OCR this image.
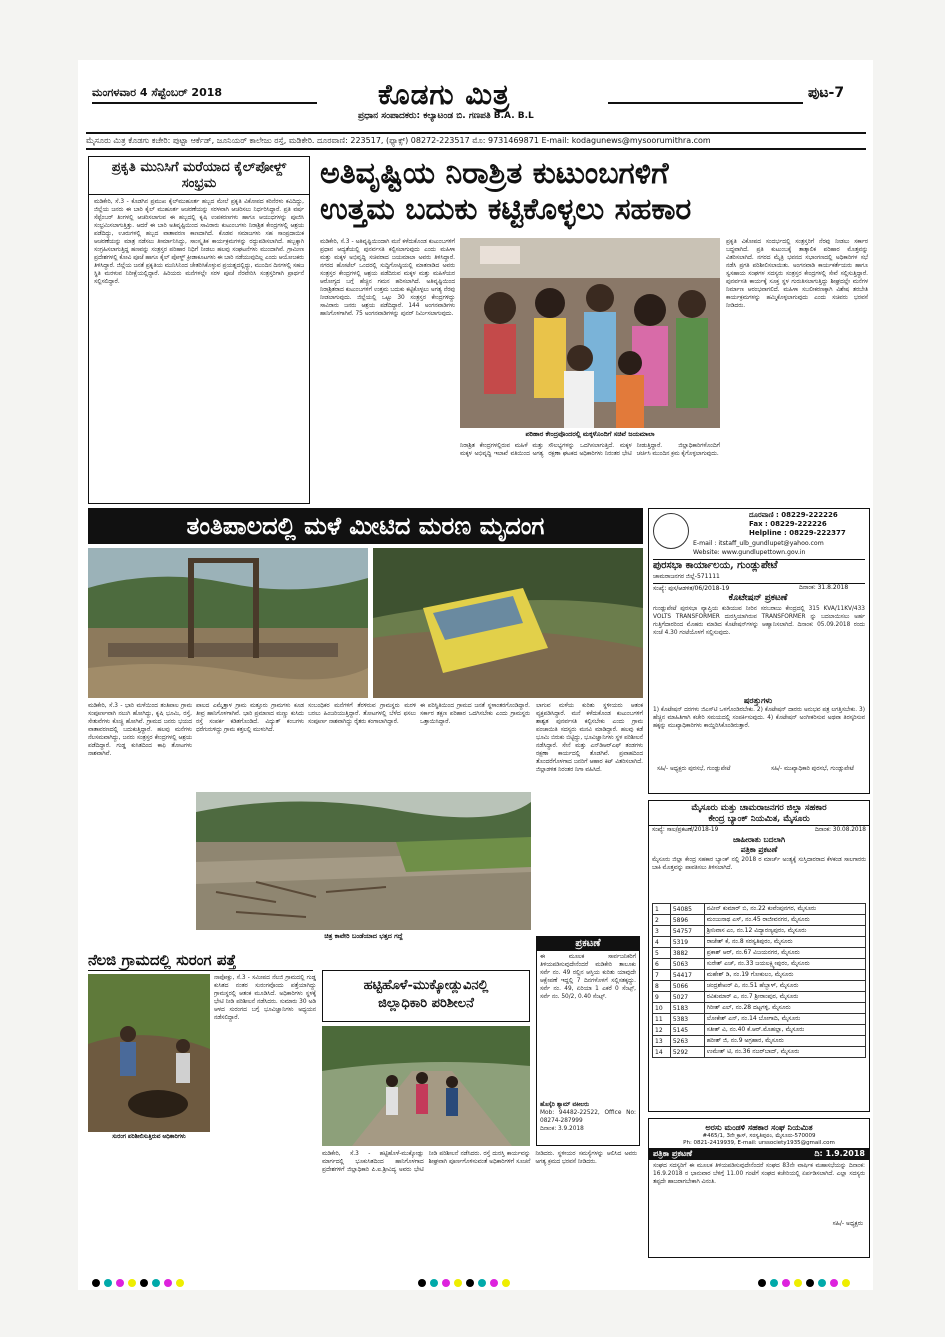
ಮಂಗಳವಾರ 4 ಸೆಪ್ಟೆಂಬರ್ 2018	ಕೊಡಗು ಮಿತ್ರ
ಪ್ರಧಾನ ಸಂಪಾದಕರು: ಕಲ್ಯಾಟಂಡ ಬಿ. ಗಣಪತಿ B.A. B.L
ಪುಟ-7
ಮೈಸೂರು ಮಿತ್ರ ಕೊಡಗು ಕಚೇರಿ: ಪುಟ್ಟಾ ಆರ್ಕೆಡ್, ಜೂನಿಯರ್ ಕಾಲೇಜು ರಸ್ತೆ, ಮಡಿಕೇರಿ. ದೂರವಾಣಿ: 223517, (ಫ್ಯಾಕ್ಸ್) 08272-223517 ಮೊ: 9731469871 E-mail: kodagunews@mysoorumithra.com
ಪ್ರಕೃತಿ ಮುನಿಸಿಗೆ ಮರೆಯಾದ ಕೈಲ್‌ಪೋಳ್ದ್ ಸಂಭ್ರಮ
ಮಡಿಕೇರಿ, ಸೆ.3 - ಕೊಡಗಿನ ಪ್ರಮುಖ ಕೈಲ್‌ಮುಹೂರ್ತ ಹಬ್ಬದ ಮೇಲೆ ಪ್ರಕೃತಿ ವಿಕೋಪದ ಕರಿನೆರಳು ಕವಿದಿದ್ದು, ಜಿಲ್ಲೆಯ ಜನರು ಈ ಬಾರಿ ಕೈಲ್ ಮುಹೂರ್ತ ಆಚರಣೆಯನ್ನು ಸರಳವಾಗಿ ಆಚರಿಸಲು ನಿರ್ಧರಿಸಿದ್ದಾರೆ. ಪ್ರತಿ ವರ್ಷ ಸೆಪ್ಟೆಂಬರ್ ತಿಂಗಳಲ್ಲಿ ಆಚರಿಸಲಾಗುವ ಈ ಹಬ್ಬದಲ್ಲಿ ಕೃಷಿ ಉಪಕರಣಗಳು ಹಾಗೂ ಆಯುಧಗಳನ್ನು ಪೂಜಿಸಿ ಸಂಭ್ರಮಿಸಲಾಗುತ್ತಿತ್ತು. ಆದರೆ ಈ ಬಾರಿ ಅತಿವೃಷ್ಟಿಯಿಂದ ಸಾವಿರಾರು ಕುಟುಂಬಗಳು ನಿರಾಶ್ರಿತ ಕೇಂದ್ರಗಳಲ್ಲಿ ಆಶ್ರಯ ಪಡೆದಿದ್ದು, ಊರುಗಳಲ್ಲಿ ಹಬ್ಬದ ವಾತಾವರಣ ಕಾಣದಾಗಿದೆ. ಕೊಡವ ಸಮಾಜಗಳು ಸಹ ಸಾಂಪ್ರದಾಯಿಕ ಆಚರಣೆಯನ್ನು ಮಾತ್ರ ನಡೆಸಲು ತೀರ್ಮಾನಿಸಿದ್ದು, ಸಾಂಸ್ಕೃತಿಕ ಕಾರ್ಯಕ್ರಮಗಳನ್ನು ರದ್ದುಪಡಿಸಲಾಗಿದೆ. ಹಬ್ಬಕ್ಕಾಗಿ ಸಂಗ್ರಹಿಸಲಾಗುತ್ತಿದ್ದ ಹಣವನ್ನು ಸಂತ್ರಸ್ತರ ಪರಿಹಾರ ನಿಧಿಗೆ ನೀಡಲು ಹಲವು ಸಂಘಟನೆಗಳು ಮುಂದಾಗಿವೆ. ಗ್ರಾಮೀಣ ಪ್ರದೇಶಗಳಲ್ಲಿ ಕೋವಿ ಪೂಜೆ ಹಾಗೂ ಕೈಲ್ ಪೋಳ್ದ್ ಕ್ರೀಡಾಕೂಟಗಳು ಈ ಬಾರಿ ನಡೆಯುವುದಿಲ್ಲ ಎಂದು ಆಯೋಜಕರು ತಿಳಿಸಿದ್ದಾರೆ. ಜಿಲ್ಲೆಯ ಜನತೆ ಪ್ರಕೃತಿಯ ಮುನಿಸಿನಿಂದ ಚೇತರಿಸಿಕೊಳ್ಳುವ ಪ್ರಯತ್ನದಲ್ಲಿದ್ದು, ಮುಂದಿನ ದಿನಗಳಲ್ಲಿ ಸಹಜ ಸ್ಥಿತಿ ಮರಳುವ ನಿರೀಕ್ಷೆಯಲ್ಲಿದ್ದಾರೆ. ಹಿರಿಯರು ಮನೆಗಳಲ್ಲೇ ಸರಳ ಪೂಜೆ ನೆರವೇರಿಸಿ ಸಂತ್ರಸ್ತರಿಗಾಗಿ ಪ್ರಾರ್ಥನೆ ಸಲ್ಲಿಸಲಿದ್ದಾರೆ.
ಅತಿವೃಷ್ಟಿಯ ನಿರಾಶ್ರಿತ ಕುಟುಂಬಗಳಿಗೆ
ಉತ್ತಮ ಬದುಕು ಕಟ್ಟಿಕೊಳ್ಳಲು ಸಹಕಾರ
ಮಡಿಕೇರಿ, ಸೆ.3 - ಅತಿವೃಷ್ಟಿಯಿಂದಾಗಿ ಮನೆ ಕಳೆದುಕೊಂಡ ಕುಟುಂಬಗಳಿಗೆ ಪ್ರಧಾನ ಆದ್ಯತೆಯಲ್ಲಿ ಪುನರ್ವಸತಿ ಕಲ್ಪಿಸಲಾಗುವುದು ಎಂದು ಮಹಿಳಾ ಮತ್ತು ಮಕ್ಕಳ ಅಭಿವೃದ್ಧಿ ಸಚಿವರಾದ ಜಯಮಾಲಾ ಅವರು ತಿಳಿಸಿದ್ದಾರೆ. ನಗರದ ಹೋಟೆಲ್ ಒಂದರಲ್ಲಿ ಸುದ್ದಿಗೋಷ್ಠಿಯಲ್ಲಿ ಮಾತನಾಡಿದ ಅವರು ಸಂತ್ರಸ್ತರ ಕೇಂದ್ರಗಳಲ್ಲಿ ಆಶ್ರಯ ಪಡೆದಿರುವ ಮಕ್ಕಳ ಮತ್ತು ಮಹಿಳೆಯರ ಆರೋಗ್ಯದ ಬಗ್ಗೆ ಹೆಚ್ಚಿನ ಗಮನ ಹರಿಸಲಾಗಿದೆ. ಅತಿವೃಷ್ಟಿಯಿಂದ ನಿರಾಶ್ರಿತರಾದ ಕುಟುಂಬಗಳಿಗೆ ಉತ್ತಮ ಬದುಕು ಕಟ್ಟಿಕೊಳ್ಳಲು ಅಗತ್ಯ ನೆರವು ನೀಡಲಾಗುವುದು. ಜಿಲ್ಲೆಯಲ್ಲಿ ಒಟ್ಟು 30 ಸಂತ್ರಸ್ತರ ಕೇಂದ್ರಗಳಿದ್ದು ಸಾವಿರಾರು ಜನರು ಆಶ್ರಯ ಪಡೆದಿದ್ದಾರೆ. 144 ಅಂಗನವಾಡಿಗಳು ಹಾನಿಗೊಳಗಾಗಿವೆ. 75 ಅಂಗನವಾಡಿಗಳನ್ನು ಪುನರ್ ನಿರ್ಮಿಸಲಾಗುವುದು.
ಪರಿಹಾರ ಕೇಂದ್ರವೊಂದರಲ್ಲಿ ಮಕ್ಕಳೊಂದಿಗೆ ಸಚಿವೆ ಜಯಮಾಲಾ
ನಿರಾಶ್ರಿತ ಕೇಂದ್ರಗಳಲ್ಲಿರುವ ಮಹಿಳೆ ಮತ್ತು ಮಕ್ಕಳ ಅಭಿವೃದ್ಧಿ ಇಲಾಖೆ ವತಿಯಿಂದ ಅಗತ್ಯ ಸೌಲಭ್ಯಗಳನ್ನು ಒದಗಿಸಲಾಗುತ್ತಿದೆ. ಮಕ್ಕಳ ರಕ್ಷಣಾ ಘಟಕದ ಅಧಿಕಾರಿಗಳು ನಿರಂತರ ಭೇಟಿ ನೀಡುತ್ತಿದ್ದಾರೆ. ಜಿಲ್ಲಾಧಿಕಾರಿಗಳೊಂದಿಗೆ ಚರ್ಚಿಸಿ ಮುಂದಿನ ಕ್ರಮ ಕೈಗೊಳ್ಳಲಾಗುವುದು.
ಪ್ರಕೃತಿ ವಿಕೋಪದ ಸಂದರ್ಭದಲ್ಲಿ ಸಂತ್ರಸ್ತರಿಗೆ ನೆರವು ನೀಡಲು ಸರ್ಕಾರ ಬದ್ಧವಾಗಿದೆ. ಪ್ರತಿ ಕುಟುಂಬಕ್ಕೆ ತಾತ್ಕಾಲಿಕ ಪರಿಹಾರ ಮೊತ್ತವನ್ನು ವಿತರಿಸಲಾಗಿದೆ. ನಗರದ ಮೈತ್ರಿ ಭವನದ ಸಭಾಂಗಣದಲ್ಲಿ ಅಧಿಕಾರಿಗಳ ಸಭೆ ನಡೆಸಿ ಪ್ರಗತಿ ಪರಿಶೀಲಿಸಲಾಯಿತು. ಅಂಗನವಾಡಿ ಕಾರ್ಯಕರ್ತೆಯರು ಹಾಗೂ ಸ್ವಸಹಾಯ ಸಂಘಗಳ ಸದಸ್ಯರು ಸಂತ್ರಸ್ತರ ಕೇಂದ್ರಗಳಲ್ಲಿ ಸೇವೆ ಸಲ್ಲಿಸುತ್ತಿದ್ದಾರೆ. ಪುನರ್ವಸತಿ ಕಾರ್ಯಕ್ಕೆ ಸೂಕ್ತ ಸ್ಥಳ ಗುರುತಿಸಲಾಗುತ್ತಿದ್ದು ಶೀಘ್ರದಲ್ಲೇ ಮನೆಗಳ ನಿರ್ಮಾಣ ಆರಂಭವಾಗಲಿದೆ. ಮಹಿಳಾ ಸಬಲೀಕರಣಕ್ಕಾಗಿ ವಿಶೇಷ ತರಬೇತಿ ಕಾರ್ಯಕ್ರಮಗಳನ್ನು ಹಮ್ಮಿಕೊಳ್ಳಲಾಗುವುದು ಎಂದು ಸಚಿವರು ಭರವಸೆ ನೀಡಿದರು.
ತಂತಿಪಾಲದಲ್ಲಿ ಮಳೆ ಮೀಟಿದ ಮರಣ ಮೃದಂಗ
ಮಡಿಕೇರಿ, ಸೆ.3 - ಭಾರಿ ಮಳೆಯಿಂದ ತಂತಿಪಾಲ ಗ್ರಾಮ ಸಂಪೂರ್ಣವಾಗಿ ನಲುಗಿ ಹೋಗಿದ್ದು, ಕೃಷಿ ಭೂಮಿ, ರಸ್ತೆ, ಸೇತುವೆಗಳು ಕೊಚ್ಚಿ ಹೋಗಿವೆ. ಗ್ರಾಮದ ಜನರು ಭಯದ ವಾತಾವರಣದಲ್ಲಿ ಬದುಕುತ್ತಿದ್ದಾರೆ. ಹಲವು ಮನೆಗಳು ನೆಲಸಮವಾಗಿದ್ದು, ಜನರು ಸಂತ್ರಸ್ತರ ಕೇಂದ್ರಗಳಲ್ಲಿ ಆಶ್ರಯ ಪಡೆದಿದ್ದಾರೆ. ಗುಡ್ಡ ಕುಸಿತದಿಂದ ಕಾಫಿ ತೋಟಗಳು ನಾಶವಾಗಿವೆ.
ಪಾಲದ ಎಮ್ಮೆತ್ತಾಳ ಗ್ರಾಮ ಮತ್ತೂರು ಗ್ರಾಮಗಳು ಕೂಡ ತೀವ್ರ ಹಾನಿಗೊಳಗಾಗಿವೆ. ಭಾರಿ ಪ್ರಮಾಣದ ಮಣ್ಣು ಕುಸಿದು ರಸ್ತೆ ಸಂಪರ್ಕ ಕಡಿತಗೊಂಡಿದೆ. ವಿದ್ಯುತ್ ಕಂಬಗಳು ಧರೆಗುರುಳಿದ್ದು ಗ್ರಾಮ ಕತ್ತಲಲ್ಲಿ ಮುಳುಗಿದೆ.
ಸಂಬಂಧಿಕರ ಮನೆಗಳಿಗೆ ತೆರಳಿರುವ ಗ್ರಾಮಸ್ಥರು ಮರಳಿ ಬರಲು ಹಿಂಜರಿಯುತ್ತಿದ್ದಾರೆ. ತೋಟಗಳಲ್ಲಿ ಬೆಳೆದ ಫಸಲು ಸಂಪೂರ್ಣ ನಾಶವಾಗಿದ್ದು ರೈತರು ಕಂಗಾಲಾಗಿದ್ದಾರೆ.
ಈ ಪರಿಸ್ಥಿತಿಯಿಂದ ಗ್ರಾಮದ ಜನತೆ ಸ್ಥಳಾಂತರಗೊಂಡಿದ್ದಾರೆ. ಸರ್ಕಾರ ತಕ್ಷಣ ಪರಿಹಾರ ಒದಗಿಸಬೇಕು ಎಂದು ಗ್ರಾಮಸ್ಥರು ಒತ್ತಾಯಿಸಿದ್ದಾರೆ.
ಲಾಗುವ ಮಳೆಯ ಕುರಿತು ಸ್ಥಳೀಯರು ಆತಂಕ ವ್ಯಕ್ತಪಡಿಸಿದ್ದಾರೆ. ಮನೆ ಕಳೆದುಕೊಂಡ ಕುಟುಂಬಗಳಿಗೆ ಶಾಶ್ವತ ಪುನರ್ವಸತಿ ಕಲ್ಪಿಸಬೇಕು ಎಂದು ಗ್ರಾಮ ಪಂಚಾಯಿತಿ ಸದಸ್ಯರು ಮನವಿ ಮಾಡಿದ್ದಾರೆ. ಹಲವು ಕಡೆ ಭೂಮಿ ಬಿರುಕು ಬಿಟ್ಟಿದ್ದು, ಭೂವಿಜ್ಞಾನಿಗಳು ಸ್ಥಳ ಪರಿಶೀಲನೆ ನಡೆಸಿದ್ದಾರೆ. ಸೇನೆ ಮತ್ತು ಎನ್‌ಡಿಆರ್‌ಎಫ್ ತಂಡಗಳು ರಕ್ಷಣಾ ಕಾರ್ಯದಲ್ಲಿ ತೊಡಗಿವೆ. ಪ್ರವಾಹದಿಂದ ತೊಂದರೆಗೊಳಗಾದ ಜನರಿಗೆ ಆಹಾರ ಕಿಟ್ ವಿತರಿಸಲಾಗಿದೆ. ಜಿಲ್ಲಾಡಳಿತ ನಿರಂತರ ನಿಗಾ ವಹಿಸಿದೆ.
ಚಿತ್ರ ಕಾವೇರಿ ಬಂಡೆಯಾದ ಭತ್ತದ ಗದ್ದೆ
ನೆಲಜಿ ಗ್ರಾಮದಲ್ಲಿ ಸುರಂಗ ಪತ್ತೆ
ಸುರಂಗ ಪರಿಶೀಲಿಸುತ್ತಿರುವ ಅಧಿಕಾರಿಗಳು
ನಾಪೋಕ್ಲು, ಸೆ.3 - ಸಮೀಪದ ನೆಲಜಿ ಗ್ರಾಮದಲ್ಲಿ ಗುಡ್ಡ ಕುಸಿತದ ನಂತರ ಸುರಂಗವೊಂದು ಪತ್ತೆಯಾಗಿದ್ದು ಗ್ರಾಮಸ್ಥರಲ್ಲಿ ಆತಂಕ ಮೂಡಿಸಿದೆ. ಅಧಿಕಾರಿಗಳು ಸ್ಥಳಕ್ಕೆ ಭೇಟಿ ನೀಡಿ ಪರಿಶೀಲನೆ ನಡೆಸಿದರು. ಸುಮಾರು 30 ಅಡಿ ಆಳದ ಸುರಂಗದ ಬಗ್ಗೆ ಭೂವಿಜ್ಞಾನಿಗಳು ಅಧ್ಯಯನ ನಡೆಸಲಿದ್ದಾರೆ.
ಹಟ್ಟಿಹೊಳೆ-ಮುಕ್ಕೋಡ್ಲುವಿನಲ್ಲಿ
ಜಿಲ್ಲಾಧಿಕಾರಿ ಪರಿಶೀಲನೆ
ಮಡಿಕೇರಿ, ಸೆ.3 - ಹಟ್ಟಿಹೊಳೆ-ಮುಕ್ಕೋಡ್ಲು ಮಾರ್ಗದಲ್ಲಿ ಭೂಕುಸಿತದಿಂದ ಹಾನಿಗೊಳಗಾದ ಪ್ರದೇಶಗಳಿಗೆ ಜಿಲ್ಲಾಧಿಕಾರಿ ಪಿ.ಐ.ಶ್ರೀವಿದ್ಯ ಅವರು ಭೇಟಿ ನೀಡಿ ಪರಿಶೀಲನೆ ನಡೆಸಿದರು. ರಸ್ತೆ ದುರಸ್ತಿ ಕಾರ್ಯವನ್ನು ಶೀಘ್ರವಾಗಿ ಪೂರ್ಣಗೊಳಿಸುವಂತೆ ಅಧಿಕಾರಿಗಳಿಗೆ ಸೂಚನೆ ನೀಡಿದರು. ಸ್ಥಳೀಯರ ಸಮಸ್ಯೆಗಳನ್ನು ಆಲಿಸಿದ ಅವರು ಅಗತ್ಯ ಕ್ರಮದ ಭರವಸೆ ನೀಡಿದರು.
ಪ್ರಕಟಣೆ
ಈ ಮೂಲಕ ಸಾರ್ವಜನಿಕರಿಗೆ ತಿಳಿಯಪಡಿಸುವುದೇನೆಂದರೆ ಮಡಿಕೇರಿ ತಾಲೂಕು ಸರ್ವೆ ನಂ. 49 ರಲ್ಲಿನ ಆಸ್ತಿಯ ಕುರಿತು ಯಾವುದೇ ಆಕ್ಷೇಪಣೆ ಇದ್ದಲ್ಲಿ 7 ದಿನಗಳೊಳಗೆ ಸಲ್ಲಿಸತಕ್ಕದ್ದು. ಸರ್ವೆ ನಂ. 49, ಏರಿಯಾ 1 ಎಕರೆ 0 ಸೆಂಟ್ಸ್, ಸರ್ವೆ ನಂ. 50/2, 0.40 ಸೆಂಟ್ಸ್.
ಹೊಸ್ಕೆರಿ ಶ್ಯಾಮ್ ವಕೀಲರು
Mob: 94482-22522, Office No: 08274-287999
ದಿನಾಂಕ: 3.9.2018
ದೂರವಾಣಿ : 08229-222226
Fax : 08229-222226
Helpline : 08229-222377
E-mail : itstaff_ulb_gundlupet@yahoo.com
Website: www.gundlupettown.gov.in
ಪುರಸಭಾ ಕಾರ್ಯಾಲಯ, ಗುಂಡ್ಲುಪೇಟೆ
ಚಾಮರಾಜನಗರ ಜಿಲ್ಲೆ-571111
ಸಂಖ್ಯೆ: ಪುಸ/ಆಡಳಿತ/06/2018-19	ದಿನಾಂಕ: 31.8.2018
ಕೊಟೇಷನ್ ಪ್ರಕಟಣೆ
ಗುಂಡ್ಲುಪೇಟೆ ಪುರಸಭಾ ವ್ಯಾಪ್ತಿಯ ಕುಡಿಯುವ ನೀರಿನ ಸರಬರಾಜು ಕೇಂದ್ರದಲ್ಲಿ 315 KVA/11KV/433 VOLTS TRANSFORMER ದುರಸ್ತಿಯಾಗಿರುವ TRANSFORMER ನ್ನು ಬದಲಾಯಿಸಲು ಅರ್ಹ ಗುತ್ತಿಗೆದಾರರಿಂದ ಮೊಹರು ಮಾಡಿದ ಕೊಟೇಷನ್‌ಗಳನ್ನು ಆಹ್ವಾನಿಸಲಾಗಿದೆ. ದಿನಾಂಕ: 05.09.2018 ರಂದು ಸಂಜೆ 4.30 ಗಂಟೆಯೊಳಗೆ ಸಲ್ಲಿಸುವುದು.
ಷರತ್ತುಗಳು
1) ಕೊಟೇಷನ್ ದರಗಳು ಜಿಎಸ್‌ಟಿ ಒಳಗೊಂಡಿರಬೇಕು. 2) ಕೊಟೇಷನ್ ದಾರರು ಅನುಭವ ಪತ್ರ ಲಗತ್ತಿಸಬೇಕು. 3) ಹೆಚ್ಚಿನ ಮಾಹಿತಿಗಾಗಿ ಕಚೇರಿ ಸಮಯದಲ್ಲಿ ಸಂಪರ್ಕಿಸುವುದು. 4) ಕೊಟೇಷನ್ ಅಂಗೀಕರಿಸುವ ಅಥವಾ ತಿರಸ್ಕರಿಸುವ ಹಕ್ಕನ್ನು ಮುಖ್ಯಾಧಿಕಾರಿಗಳು ಕಾಯ್ದಿರಿಸಿಕೊಂಡಿರುತ್ತಾರೆ.
ಸಹಿ/- ಅಧ್ಯಕ್ಷರು ಪುರಸಭೆ, ಗುಂಡ್ಲುಪೇಟೆ	ಸಹಿ/- ಮುಖ್ಯಾಧಿಕಾರಿ ಪುರಸಭೆ, ಗುಂಡ್ಲುಪೇಟೆ
ಮೈಸೂರು ಮತ್ತು ಚಾಮರಾಜನಗರ ಜಿಲ್ಲಾ ಸಹಕಾರ
ಕೇಂದ್ರ ಬ್ಯಾಂಕ್ ನಿಯಮಿತ, ಮೈಸೂರು
ಸಂಖ್ಯೆ: ಸಾಲ/ಪ್ರಕಟಣೆ/2018-19	ದಿನಾಂಕ: 30.08.2018
ಜಾಹೀರಾತು ಬದಲಾಗಿ
ಪತ್ರಿಕಾ ಪ್ರಕಟಣೆ
ಮೈಸೂರು ಜಿಲ್ಲಾ ಕೇಂದ್ರ ಸಹಕಾರ ಬ್ಯಾಂಕ್ ನಲ್ಲಿ 2018 ರ ಮಾರ್ಚ್ ಅಂತ್ಯಕ್ಕೆ ಸುಸ್ತಿದಾರರಾದ ಕೆಳಕಂಡ ಸಾಲಗಾರರು ಬಾಕಿ ಮೊತ್ತವನ್ನು ಪಾವತಿಸಲು ತಿಳಿಸಲಾಗಿದೆ.
1	54085	ನವೀನ್ ಕುಮಾರ್ ಬಿ, ನಂ.22 ಕುವೆಂಪುನಗರ, ಮೈಸೂರು
2	5896	ಮಂಜುನಾಥ ಎಸ್, ನಂ.45 ರಾಜೀವನಗರ, ಮೈಸೂರು
3	54757	ಶ್ರೀನಿವಾಸ ಎಂ, ನಂ.12 ವಿದ್ಯಾರಣ್ಯಪುರಂ, ಮೈಸೂರು
4	5319	ರಾಜೇಶ್ ಕೆ, ನಂ.8 ಸರಸ್ವತಿಪುರಂ, ಮೈಸೂರು
5	3882	ಪ್ರಕಾಶ್ ಆರ್, ನಂ.67 ವಿಜಯನಗರ, ಮೈಸೂರು
6	5063	ಸುರೇಶ್ ಎಚ್, ನಂ.33 ಜಯಲಕ್ಷ್ಮೀಪುರಂ, ಮೈಸೂರು
7	54417	ಮಹೇಶ್ ಡಿ, ನಂ.19 ಗೋಕುಲಂ, ಮೈಸೂರು
8	5066	ಚಂದ್ರಶೇಖರ್ ಪಿ, ನಂ.51 ಹೆಬ್ಬಾಳ್, ಮೈಸೂರು
9	5027	ರವಿಕುಮಾರ್ ಎ, ನಂ.7 ಶ್ರೀರಾಂಪುರ, ಮೈಸೂರು
10	5183	ಗಿರೀಶ್ ಎಲ್, ನಂ.28 ದಟ್ಟಗಳ್ಳಿ, ಮೈಸೂರು
11	5383	ಲೋಕೇಶ್ ಎನ್, ನಂ.14 ಬೋಗಾದಿ, ಮೈಸೂರು
12	5145	ಸತೀಶ್ ವಿ, ನಂ.40 ಕೆ.ಆರ್.ಮೊಹಲ್ಲಾ, ಮೈಸೂರು
13	5263	ಹರೀಶ್ ಜಿ, ನಂ.9 ಅಗ್ರಹಾರ, ಮೈಸೂರು
14	5292	ಉಮೇಶ್ ಟಿ, ನಂ.36 ನಜರ್‌ಬಾದ್, ಮೈಸೂರು
ಅರಸು ಮಂಡಳಿ ಸಹಕಾರ ಸಂಘ ನಿಯಮಿತ
#465/1, 3ನೇ ಕ್ರಾಸ್, ಸರಸ್ವತಿಪುರಂ, ಮೈಸೂರು-570009
Ph: 0821-2419939, E-mail: urssociety1935@gmail.com
ಪತ್ರಿಕಾ ಪ್ರಕಟಣೆ	ದಿ: 1.9.2018
ಸಂಘದ ಸದಸ್ಯರಿಗೆ ಈ ಮೂಲಕ ತಿಳಿಯಪಡಿಸುವುದೇನೆಂದರೆ ಸಂಘದ 83ನೇ ವಾರ್ಷಿಕ ಮಹಾಸಭೆಯನ್ನು ದಿನಾಂಕ: 16.9.2018 ರ ಭಾನುವಾರ ಬೆಳಿಗ್ಗೆ 11.00 ಗಂಟೆಗೆ ಸಂಘದ ಕಚೇರಿಯಲ್ಲಿ ಏರ್ಪಡಿಸಲಾಗಿದೆ. ಎಲ್ಲಾ ಸದಸ್ಯರು ತಪ್ಪದೇ ಹಾಜರಾಗಬೇಕಾಗಿ ವಿನಂತಿ.
ಸಹಿ/- ಅಧ್ಯಕ್ಷರು
